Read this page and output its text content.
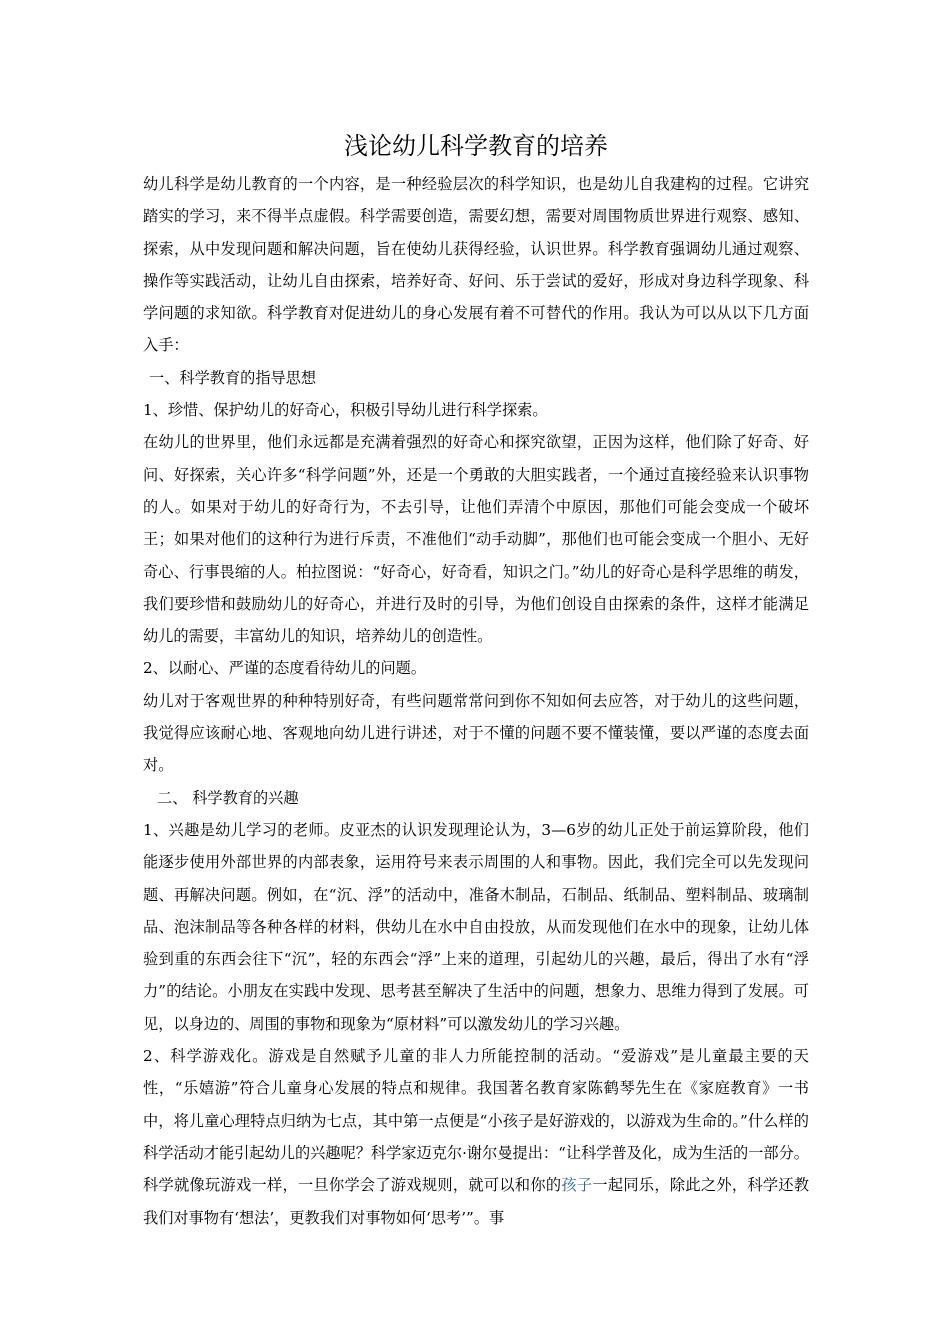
浅论幼儿科学教育的培养

幼儿科学是幼儿教育的一个内容，是一种经验层次的科学知识，也是幼儿自我建构的过程。它讲究踏实的学习，来不得半点虚假。科学需要创造，需要幻想，需要对周围物质世界进行观察、感知、探索，从中发现问题和解决问题，旨在使幼儿获得经验，认识世界。科学教育强调幼儿通过观察、操作等实践活动，让幼儿自由探索，培养好奇、好问、乐于尝试的爱好，形成对身边科学现象、科学问题的求知欲。科学教育对促进幼儿的身心发展有着不可替代的作用。我认为可以从以下几方面入手：

一、科学教育的指导思想

1、珍惜、保护幼儿的好奇心，积极引导幼儿进行科学探索。

在幼儿的世界里，他们永远都是充满着强烈的好奇心和探究欲望，正因为这样，他们除了好奇、好问、好探索，关心许多“科学问题”外，还是一个勇敢的大胆实践者，一个通过直接经验来认识事物的人。如果对于幼儿的好奇行为，不去引导，让他们弄清个中原因，那他们可能会变成一个破坏王；如果对他们的这种行为进行斥责，不准他们“动手动脚”，那他们也可能会变成一个胆小、无好奇心、行事畏缩的人。柏拉图说：“好奇心，好奇看，知识之门。”幼儿的好奇心是科学思维的萌发，我们要珍惜和鼓励幼儿的好奇心，并进行及时的引导，为他们创设自由探索的条件，这样才能满足幼儿的需要，丰富幼儿的知识，培养幼儿的创造性。

2、以耐心、严谨的态度看待幼儿的问题。

幼儿对于客观世界的种种特别好奇，有些问题常常问到你不知如何去应答，对于幼儿的这些问题，我觉得应该耐心地、客观地向幼儿进行讲述，对于不懂的问题不要不懂装懂，要以严谨的态度去面对。

二、 科学教育的兴趣

1、兴趣是幼儿学习的老师。皮亚杰的认识发现理论认为，3—6岁的幼儿正处于前运算阶段，他们能逐步使用外部世界的内部表象，运用符号来表示周围的人和事物。因此，我们完全可以先发现问题、再解决问题。例如，在“沉、浮”的活动中，准备木制品，石制品、纸制品、塑料制品、玻璃制品、泡沫制品等各种各样的材料，供幼儿在水中自由投放，从而发现他们在水中的现象，让幼儿体验到重的东西会往下“沉”，轻的东西会“浮”上来的道理，引起幼儿的兴趣，最后，得出了水有“浮力”的结论。小朋友在实践中发现、思考甚至解决了生活中的问题，想象力、思维力得到了发展。可见，以身边的、周围的事物和现象为“原材料”可以激发幼儿的学习兴趣。

2、科学游戏化。游戏是自然赋予儿童的非人力所能控制的活动。“爱游戏”是儿童最主要的天性，“乐嬉游”符合儿童身心发展的特点和规律。我国著名教育家陈鹤琴先生在《家庭教育》一书中，将儿童心理特点归纳为七点，其中第一点便是“小孩子是好游戏的，以游戏为生命的。”什么样的科学活动才能引起幼儿的兴趣呢？科学家迈克尔·谢尔曼提出：“让科学普及化，成为生活的一部分。科学就像玩游戏一样，一旦你学会了游戏规则，就可以和你的孩子一起同乐，除此之外，科学还教我们对事物有‘想法’，更教我们对事物如何‘思考’”。事
